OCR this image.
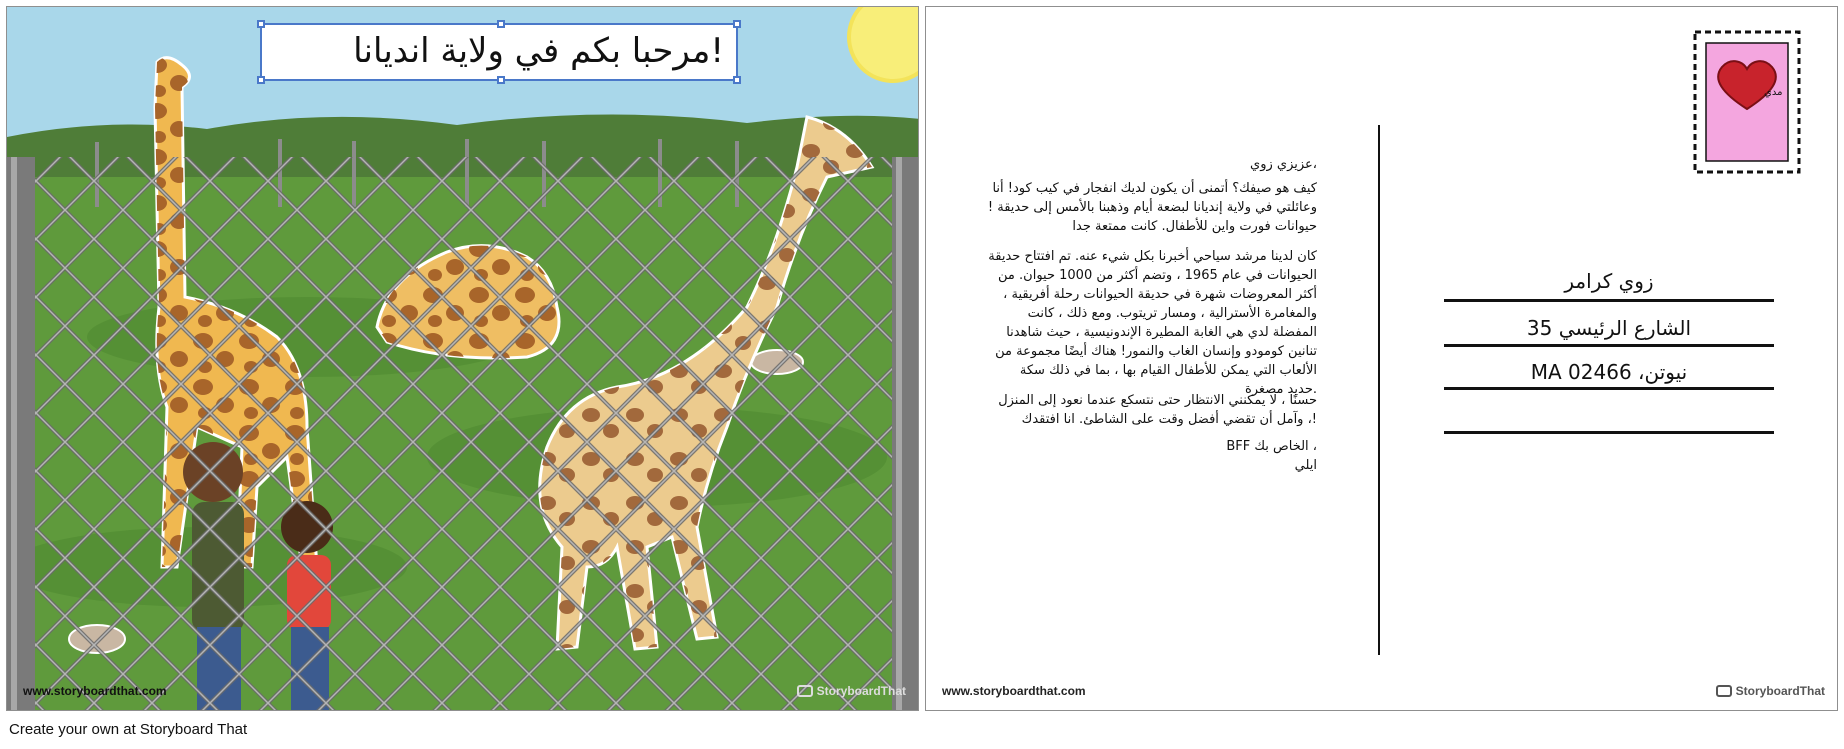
!مرحبا بكم في ولاية انديانا
www.storyboardthat.com	StoryboardThat
مدي

،عزيزي زوي

كيف هو صيفك؟ أتمنى أن يكون لديك انفجار في كيب كود! أنا وعائلتي في ولاية إنديانا لبضعة أيام وذهبنا بالأمس إلى حديقة !حيوانات فورت واين للأطفال. كانت ممتعة جدا

كان لدينا مرشد سياحي أخبرنا بكل شيء عنه. تم افتتاح حديقة الحيوانات في عام 1965 ، وتضم أكثر من 1000 حيوان. من أكثر المعروضات شهرة في حديقة الحيوانات رحلة أفريقية ، والمغامرة الأسترالية ، ومسار تريتوب. ومع ذلك ، كانت المفضلة لدي هي الغابة المطيرة الإندونيسية ، حيث شاهدنا تنانين كومودو وإنسان الغاب والنمور! هناك أيضًا مجموعة من الألعاب التي يمكن للأطفال القيام بها ، بما في ذلك سكة .حديد مصغرة

حسنًا ، لا يمكنني الانتظار حتى نتسكع عندما نعود إلى المنزل !، وآمل أن تقضي أفضل وقت على الشاطئ. انا افتقدك

، الخاص بك BFF

ايلي

زوي كرامر
الشارع الرئيسي 35
نيوتن، MA 02466
www.storyboardthat.com	StoryboardThat
Create your own at Storyboard That
